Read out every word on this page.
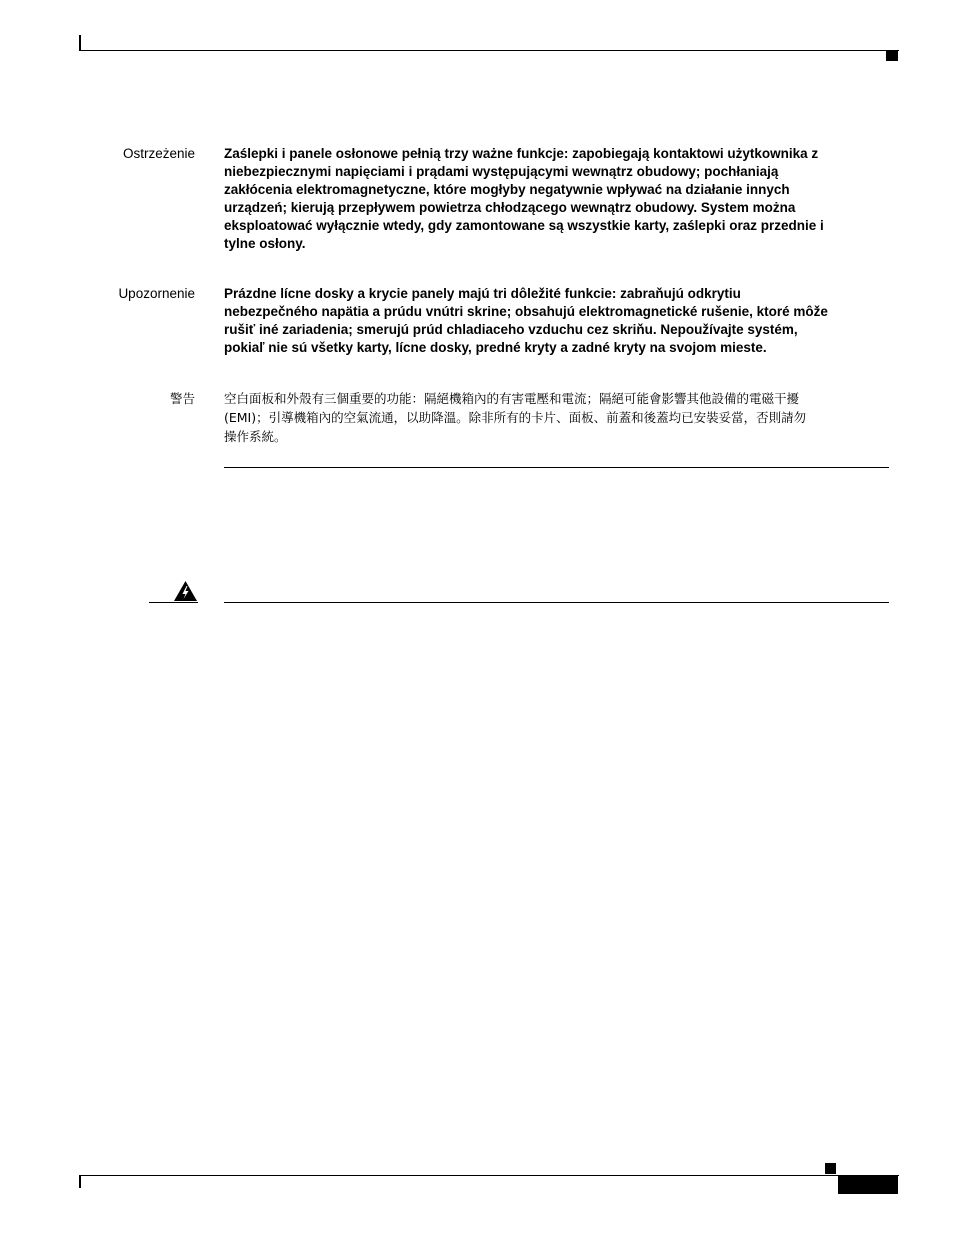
Ostrzeżenie Zaślepki i panele osłonowe pełnią trzy ważne funkcje: zapobiegają kontaktowi użytkownika z
niebezpiecznymi napięciami i prądami występującymi wewnątrz obudowy; pochłaniają
zakłócenia elektromagnetyczne, które mogłyby negatywnie wpływać na działanie innych
urządzeń; kierują przepływem powietrza chłodzącego wewnątrz obudowy. System można
eksploatować wyłącznie wtedy, gdy zamontowane są wszystkie karty, zaślepki oraz przednie i
tylne osłony.
Upozornenie Prázdne lícne dosky a krycie panely majú tri dôležité funkcie: zabraňujú odkrytiu
nebezpečného napätia a prúdu vnútri skrine; obsahujú elektromagnetické rušenie, ktoré môže
rušiť iné zariadenia; smerujú prúd chladiaceho vzduchu cez skriňu. Nepoužívajte systém,
pokiaľ nie sú všetky karty, lícne dosky, predné kryty a zadné kryty na svojom mieste.
警告 空白面板和外殼有三個重要的功能：隔絕機箱內的有害電壓和電流；隔絕可能會影響其他設備的電磁干擾
(EMI)；引導機箱內的空氣流通，以助降溫。除非所有的卡片、面板、前蓋和後蓋均已安裝妥當，否則請勿
操作系統。
